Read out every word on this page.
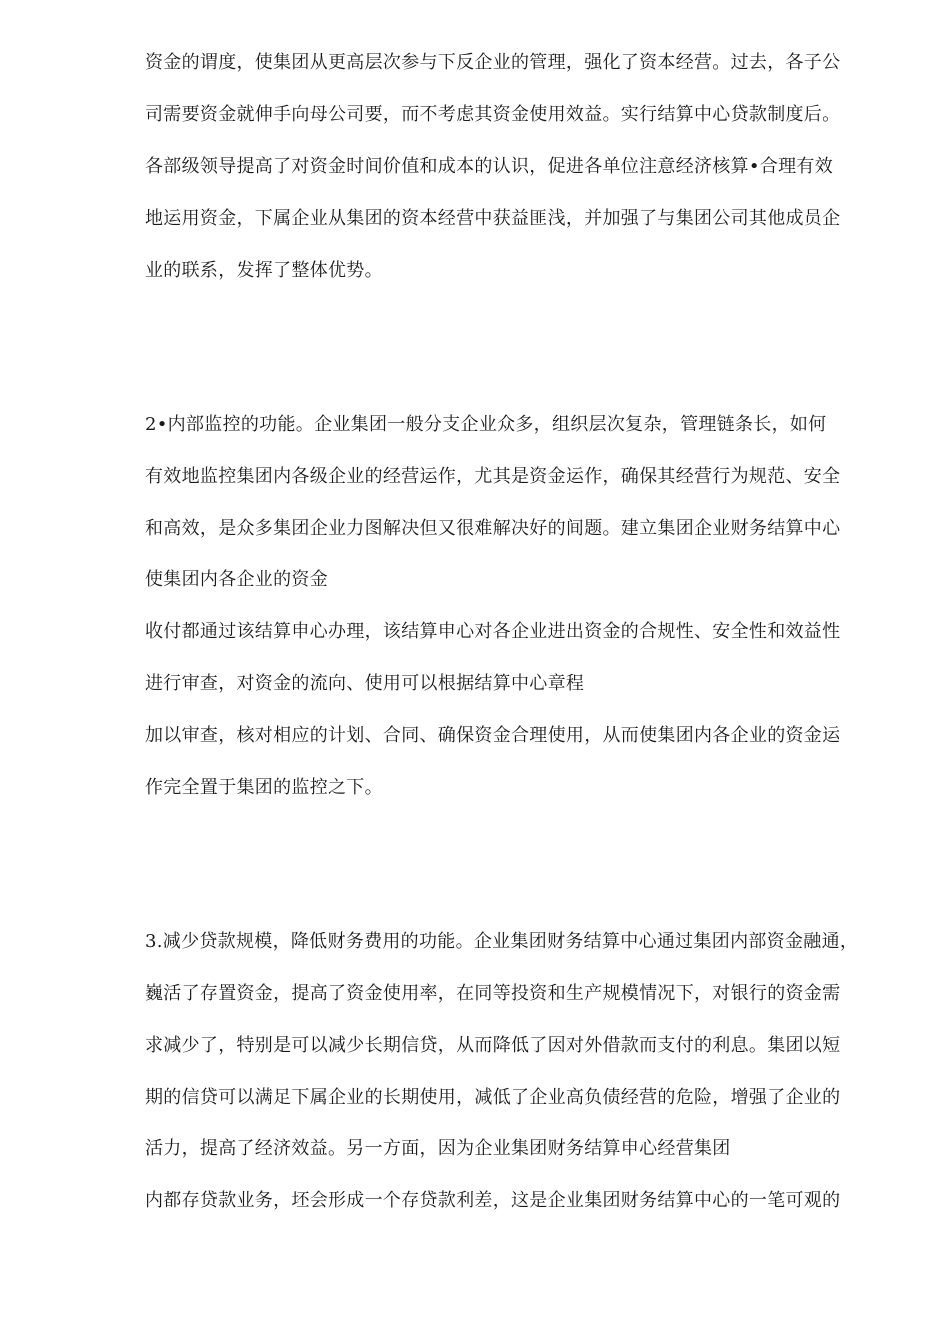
资金的谓度，使集团从更高层次参与下反企业的管理，强化了资本经营。过去，各子公
司需要资金就伸手向母公司要，而不考虑其资金使用效益。实行结算中心贷款制度后。
各部级领导提高了对资金时间价值和成本的认识，促进各单位注意经济核算•合理有效
地运用资金，下属企业从集团的资本经营中获益匪浅，并加强了与集团公司其他成员企
业的联系，发挥了整体优势。
2•内部监控的功能。企业集团一般分支企业众多，组织层次复杂，管理链条长，如何
有效地监控集团内各级企业的经营运作，尤其是资金运作，确保其经营行为规范、安全
和高效，是众多集团企业力图解决但又很难解决好的间题。建立集团企业财务结算中心
使集团内各企业的资金
收付都通过该结算申心办理，该结算申心对各企业进出资金的合规性、安全性和效益性
进行审查，对资金的流向、使用可以根据结算中心章程
加以审查，核对相应的计划、合同、确保资金合理使用，从而使集团内各企业的资金运
作完全置于集团的监控之下。
3.减少贷款规模，降低财务费用的功能。企业集团财务结算中心通过集团内部资金融通，
巍活了存置资金，提高了资金使用率，在同等投资和生产规模情况下，对银行的资金需
求减少了，特别是可以减少长期信贷，从而降低了因对外借款而支付的利息。集团以短
期的信贷可以满足下属企业的长期使用，减低了企业高负债经营的危险，增强了企业的
活力，提高了经济效益。另一方面，因为企业集团财务结算申心经营集团
内都存贷款业务，坯会形成一个存贷款利差，这是企业集团财务结算中心的一笔可观的
